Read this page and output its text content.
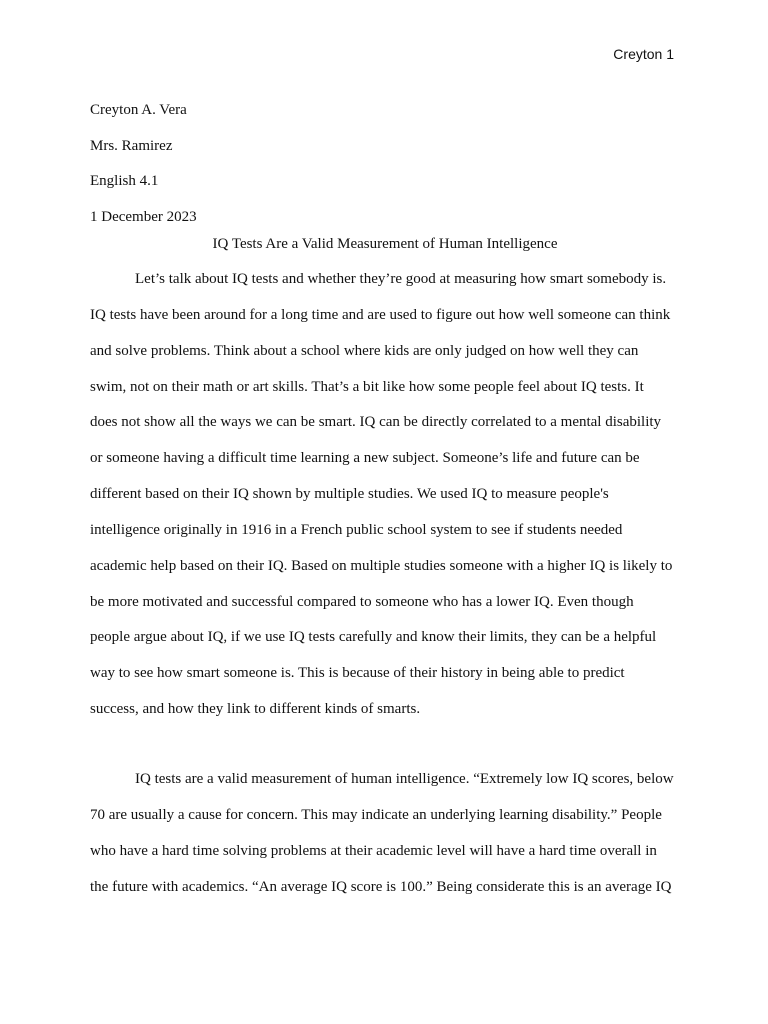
Creyton 1
Creyton A. Vera
Mrs. Ramirez
English 4.1
1 December 2023
IQ Tests Are a Valid Measurement of Human Intelligence
Let’s talk about IQ tests and whether they’re good at measuring how smart somebody is.
IQ tests have been around for a long time and are used to figure out how well someone can think
and solve problems. Think about a school where kids are only judged on how well they can
swim, not on their math or art skills. That’s a bit like how some people feel about IQ tests. It
does not show all the ways we can be smart. IQ can be directly correlated to a mental disability
or someone having a difficult time learning a new subject. Someone’s life and future can be
different based on their IQ shown by multiple studies. We used IQ to measure people's
intelligence originally in 1916 in a French public school system to see if students needed
academic help based on their IQ. Based on multiple studies someone with a higher IQ is likely to
be more motivated and successful compared to someone who has a lower IQ. Even though
people argue about IQ, if we use IQ tests carefully and know their limits, they can be a helpful
way to see how smart someone is. This is because of their history in being able to predict
success, and how they link to different kinds of smarts.
IQ tests are a valid measurement of human intelligence. “Extremely low IQ scores, below
70 are usually a cause for concern. This may indicate an underlying learning disability.” People
who have a hard time solving problems at their academic level will have a hard time overall in
the future with academics. “An average IQ score is 100.” Being considerate this is an average IQ
